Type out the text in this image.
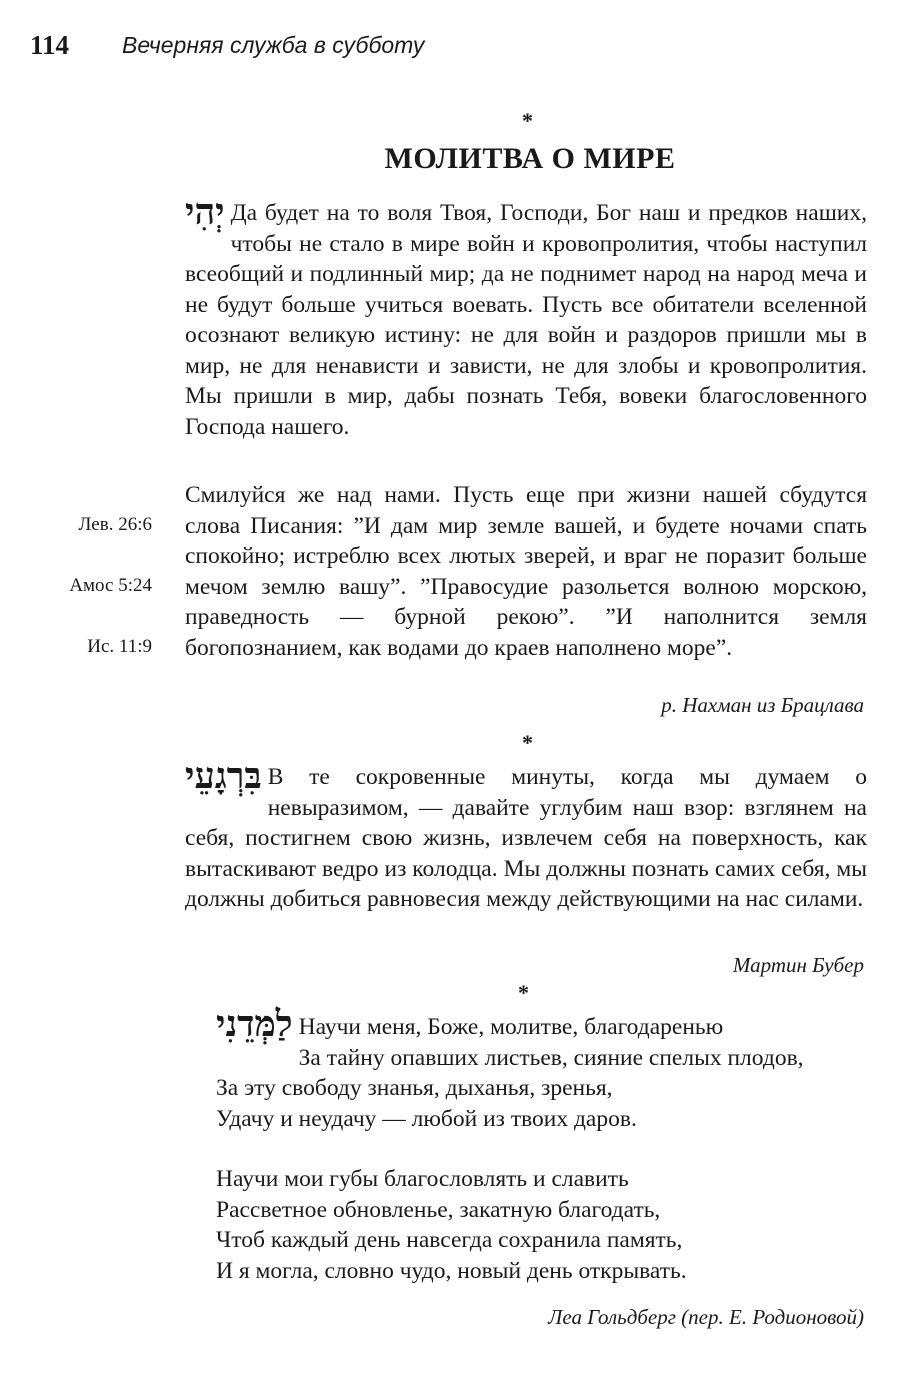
114 Вечерняя служба в субботу
*
МОЛИТВА О МИРЕ
יְהִי Да будет на то воля Твоя, Господи, Бог наш и предков наших, чтобы не стало в мире войн и кровопролития, чтобы наступил всеобщий и подлинный мир; да не поднимет народ на народ меча и не будут больше учиться воевать. Пусть все обитатели вселенной осознают великую истину: не для войн и раздоров пришли мы в мир, не для ненависти и зависти, не для злобы и кровопролития. Мы пришли в мир, дабы познать Тебя, вовеки благословенного Господа нашего.
Смилуйся же над нами. Пусть еще при жизни нашей сбудутся слова Писания: ”И дам мир земле вашей, и будете ночами спать спокойно; истреблю всех лютых зверей, и враг не поразит больше мечом землю вашу”. ”Правосудие разольется волною морскою, праведность — бурной рекою”. ”И наполнится земля богопознанием, как водами до краев наполнено море”.
Лев. 26:6
Амос 5:24
Ис. 11:9
р. Нахман из Брацлава
*
בִּרְגָעֵי В те сокровенные минуты, когда мы думаем о невыразимом, — давайте углубим наш взор: взглянем на себя, постигнем свою жизнь, извлечем себя на поверхность, как вытаскивают ведро из колодца. Мы должны познать самих себя, мы должны добиться равновесия между действующими на нас силами.
Мартин Бубер
*
לַמְּדֵנִי Научи меня, Боже, молитве, благодаренью
За тайну опавших листьев, сияние спелых плодов,
За эту свободу знанья, дыханья, зренья,
Удачу и неудачу — любой из твоих даров.
Научи мои губы благословлять и славить
Рассветное обновленье, закатную благодать,
Чтоб каждый день навсегда сохранила память,
И я могла, словно чудо, новый день открывать.
Леа Гольдберг (пер. Е. Родионовой)
